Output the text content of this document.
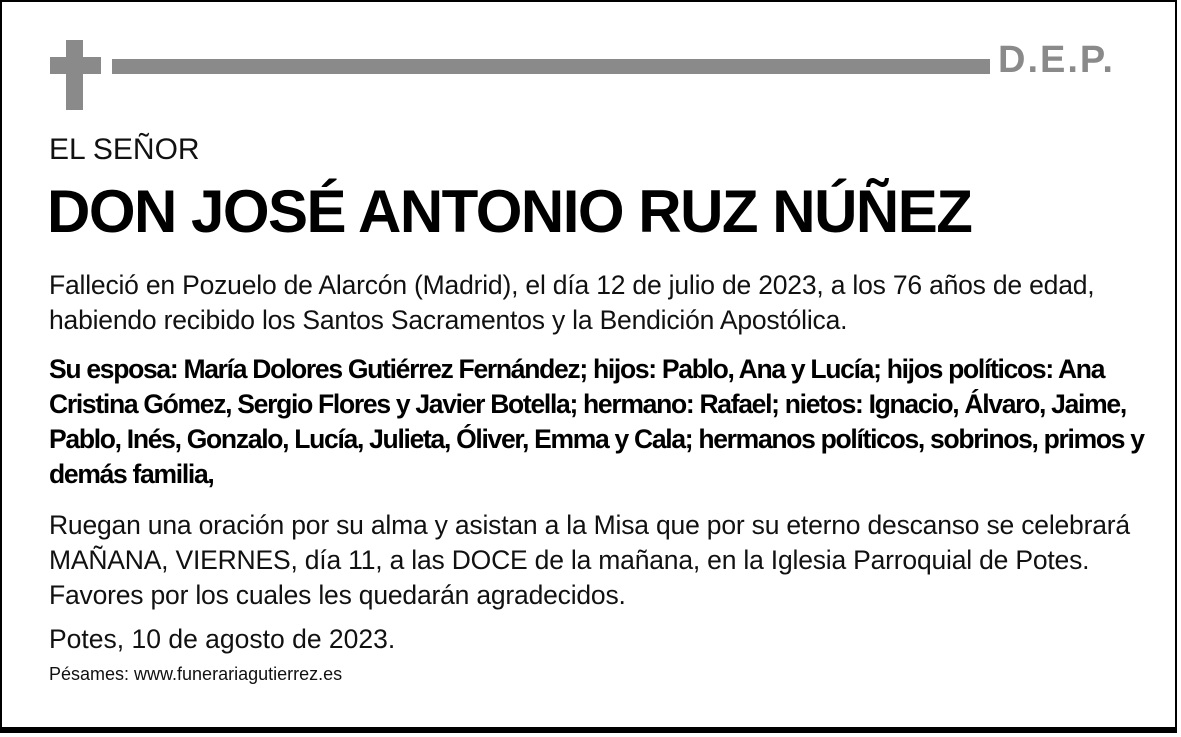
D.E.P.
EL SEÑOR
DON JOSÉ ANTONIO RUZ NÚÑEZ
Falleció en Pozuelo de Alarcón (Madrid), el día 12 de julio de 2023, a los 76 años de edad, habiendo recibido los Santos Sacramentos y la Bendición Apostólica.
Su esposa: María Dolores Gutiérrez Fernández; hijos: Pablo, Ana y Lucía; hijos políticos: Ana Cristina Gómez, Sergio Flores y Javier Botella; hermano: Rafael; nietos: Ignacio, Álvaro, Jaime, Pablo, Inés, Gonzalo, Lucía, Julieta, Óliver, Emma y Cala; hermanos políticos, sobrinos, primos y demás familia,
Ruegan una oración por su alma y asistan a la Misa que por su eterno descanso se celebrará MAÑANA, VIERNES, día 11, a las DOCE de la mañana, en la Iglesia Parroquial de Potes. Favores por los cuales les quedarán agradecidos.
Potes, 10 de agosto de 2023.
Pésames: www.funerariagutierrez.es
